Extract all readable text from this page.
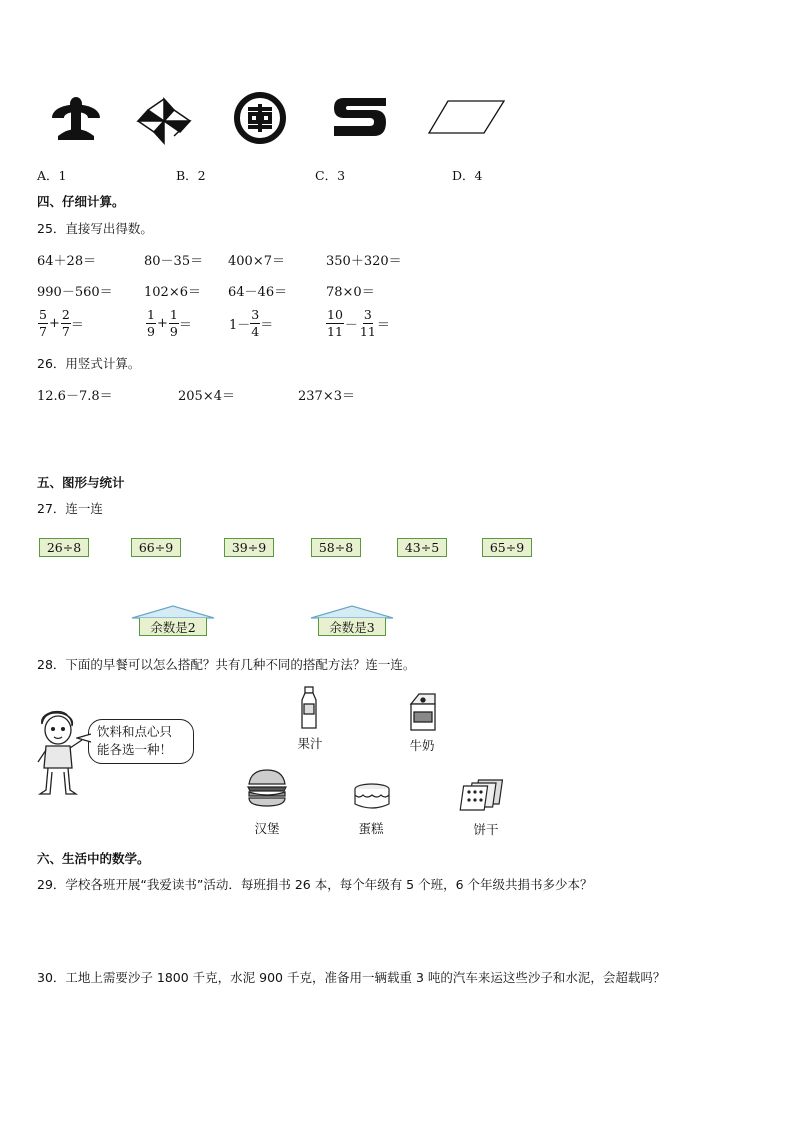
A．1	B．2	C．3	D．4
四、仔细计算。
25．直接写出得数。
64＋28＝	80－35＝ 400×7＝	350＋320＝
990－560＝ 102×6＝ 64－46＝	78×0＝
$\frac{5}{7} + \frac{2}{7}$ ＝	$\frac{1}{9} + \frac{1}{9}$ ＝	$1- \frac{3}{4}$ ＝	$\frac{10}{11} - \frac{3}{11}$ ＝
26．用竖式计算。
12.6－7.8＝	205×4＝	237×3＝
五、图形与统计
27．连一连
26÷8	66÷9	39÷9	58÷8	43÷5	65÷9
余数是2	余数是3
28．下面的早餐可以怎么搭配？共有几种不同的搭配方法？连一连。
饮料和点心只
能各选一种！	果汁	牛奶
汉堡	蛋糕	饼干
六、生活中的数学。
29．学校各班开展“我爱读书”活动．每班捐书 26 本，每个年级有 5 个班，6 个年级共捐书多少本？
30．工地上需要沙子 1800 千克，水泥 900 千克，准备用一辆载重 3 吨的汽车来运这些沙子和水泥，会超载吗？
